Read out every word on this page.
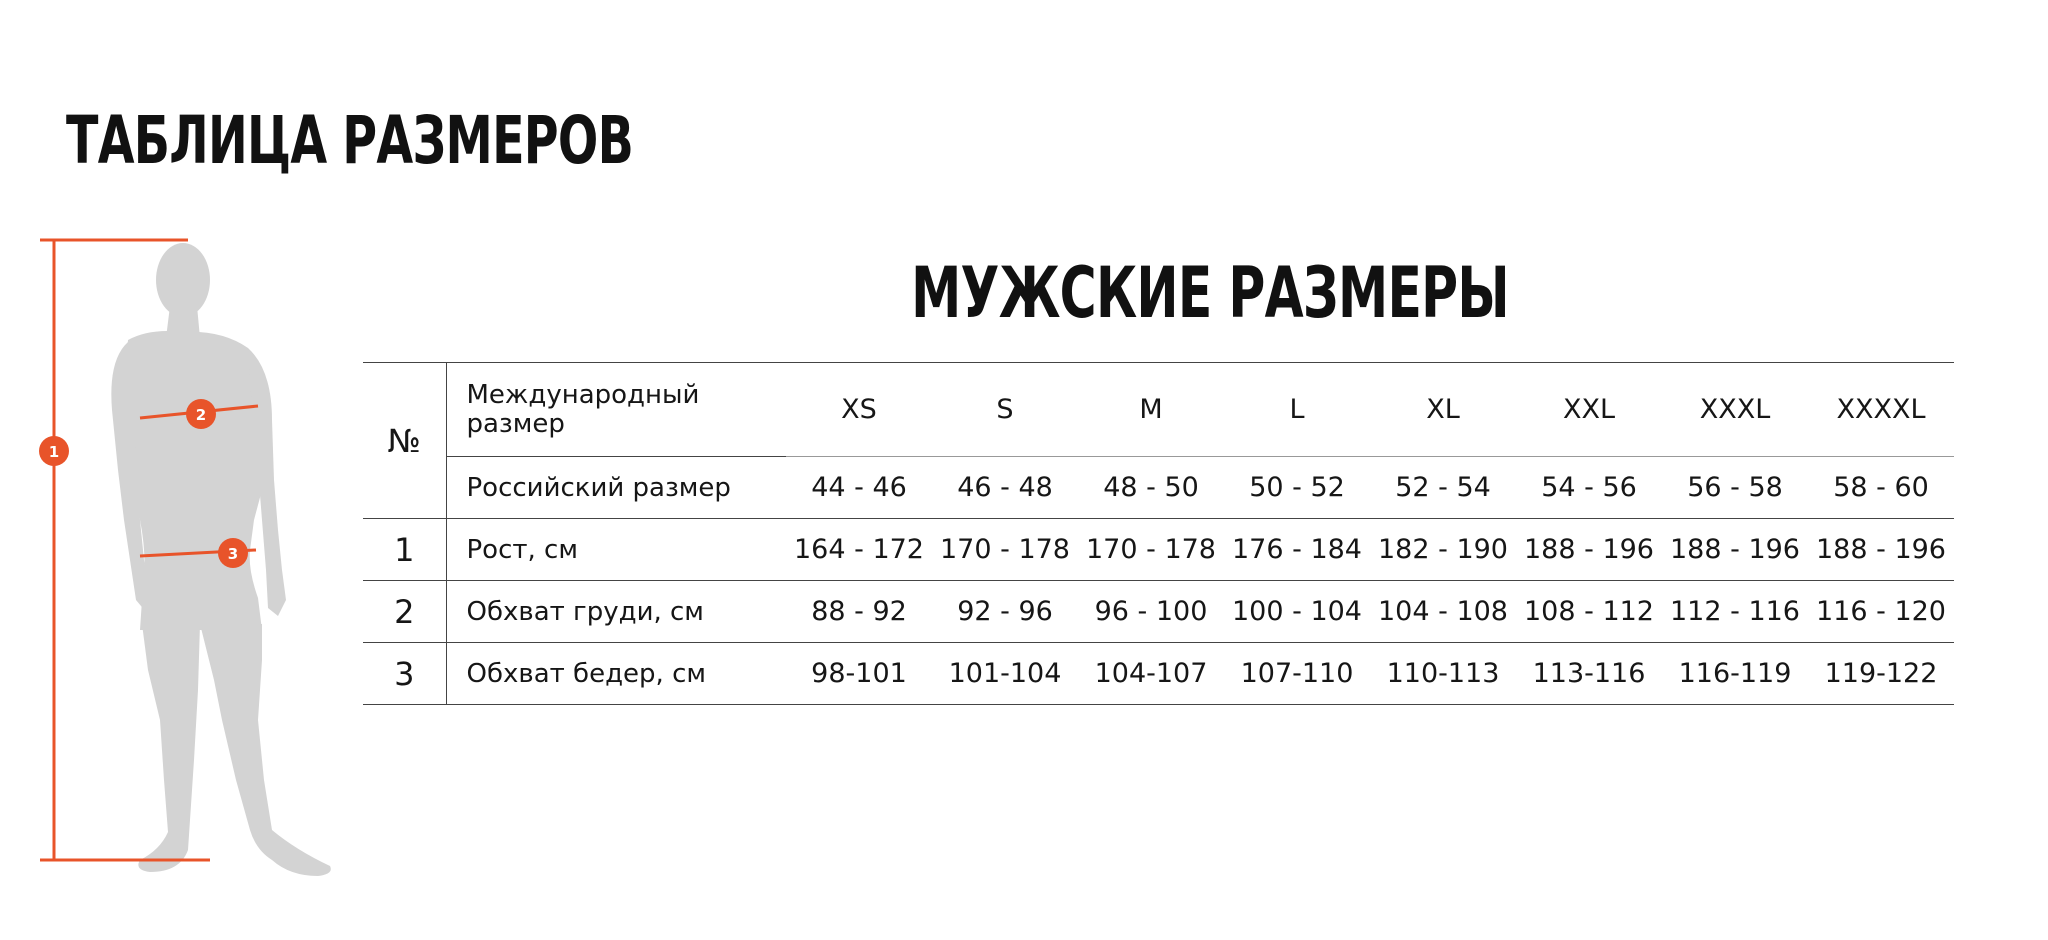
ТАБЛИЦА РАЗМЕРОВ
1
2
3
МУЖСКИЕ РАЗМЕРЫ
№	Международный размер	XS	S	M	L	XL	XXL	XXXL	XXXXL
	Российский размер	44 - 46	46 - 48	48 - 50	50 - 52	52 - 54	54 - 56	56 - 58	58 - 60
1	Рост, см	164 - 172	170 - 178	170 - 178	176 - 184	182 - 190	188 - 196	188 - 196	188 - 196
2	Обхват груди, см	88 - 92	92 - 96	96 - 100	100 - 104	104 - 108	108 - 112	112 - 116	116 - 120
3	Обхват бедер, см	98-101	101-104	104-107	107-110	110-113	113-116	116-119	119-122
